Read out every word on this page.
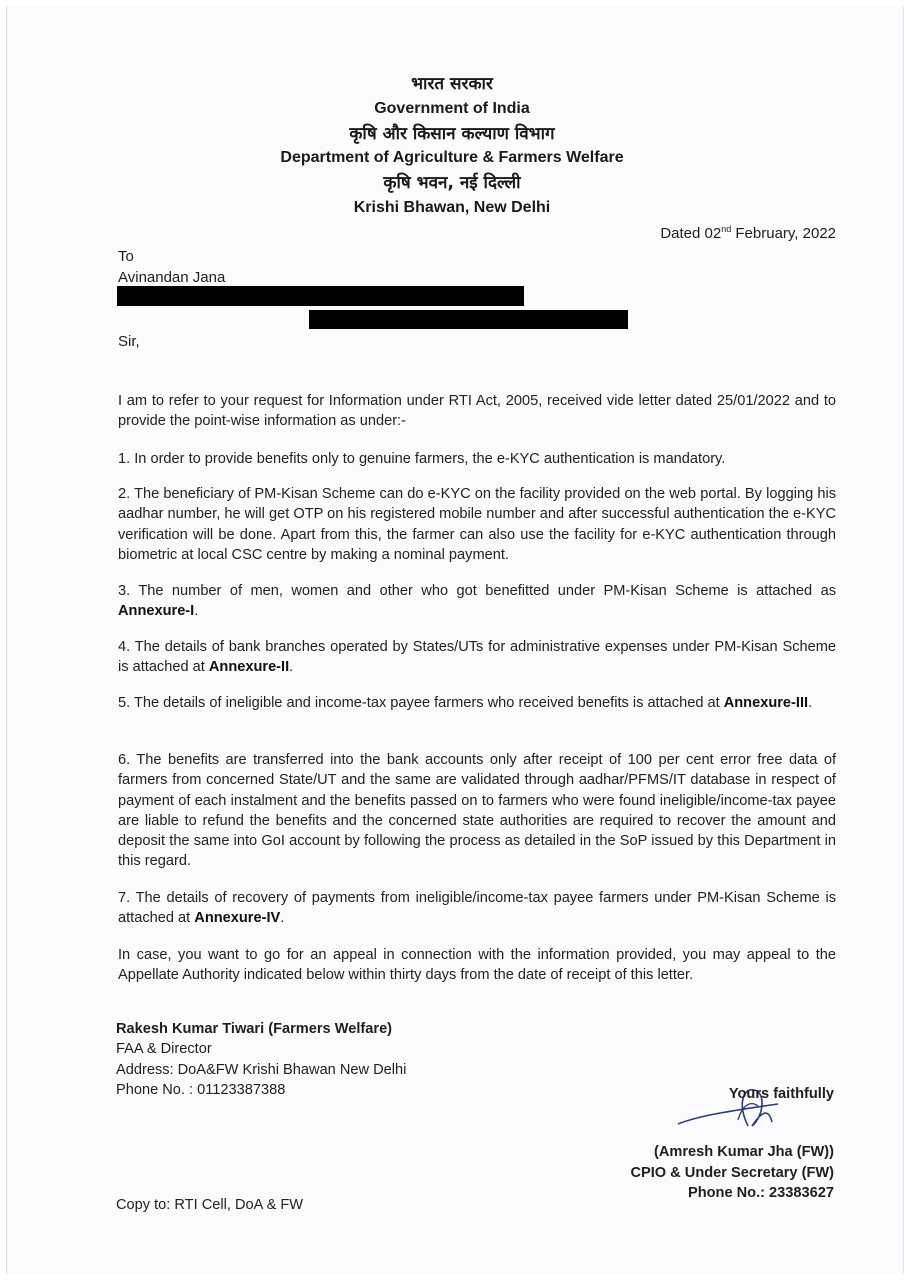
भारत सरकार
Government of India
कृषि और किसान कल्याण विभाग
Department of Agriculture & Farmers Welfare
कृषि भवन, नई दिल्ली
Krishi Bhawan, New Delhi
Dated 02nd February, 2022
To
Avinandan Jana
Sir,
I am to refer to your request for Information under RTI Act, 2005, received vide letter dated 25/01/2022 and to provide the point-wise information as under:-
1. In order to provide benefits only to genuine farmers, the e-KYC authentication is mandatory.
2. The beneficiary of PM-Kisan Scheme can do e-KYC on the facility provided on the web portal. By logging his aadhar number, he will get OTP on his registered mobile number and after successful authentication the e-KYC verification will be done. Apart from this, the farmer can also use the facility for e-KYC authentication through biometric at local CSC centre by making a nominal payment.
3. The number of men, women and other who got benefitted under PM-Kisan Scheme is attached as Annexure-I.
4. The details of bank branches operated by States/UTs for administrative expenses under PM-Kisan Scheme is attached at Annexure-II.
5. The details of ineligible and income-tax payee farmers who received benefits is attached at Annexure-III.
6. The benefits are transferred into the bank accounts only after receipt of 100 per cent error free data of farmers from concerned State/UT and the same are validated through aadhar/PFMS/IT database in respect of payment of each instalment and the benefits passed on to farmers who were found ineligible/income-tax payee are liable to refund the benefits and the concerned state authorities are required to recover the amount and deposit the same into GoI account by following the process as detailed in the SoP issued by this Department in this regard.
7. The details of recovery of payments from ineligible/income-tax payee farmers under PM-Kisan Scheme is attached at Annexure-IV.
In case, you want to go for an appeal in connection with the information provided, you may appeal to the Appellate Authority indicated below within thirty days from the date of receipt of this letter.
Rakesh Kumar Tiwari (Farmers Welfare)
FAA & Director
Address: DoA&FW Krishi Bhawan New Delhi
Phone No. : 01123387388	Yours faithfully
(Amresh Kumar Jha (FW))
CPIO & Under Secretary (FW)
Phone No.: 23383627
Copy to: RTI Cell, DoA & FW
